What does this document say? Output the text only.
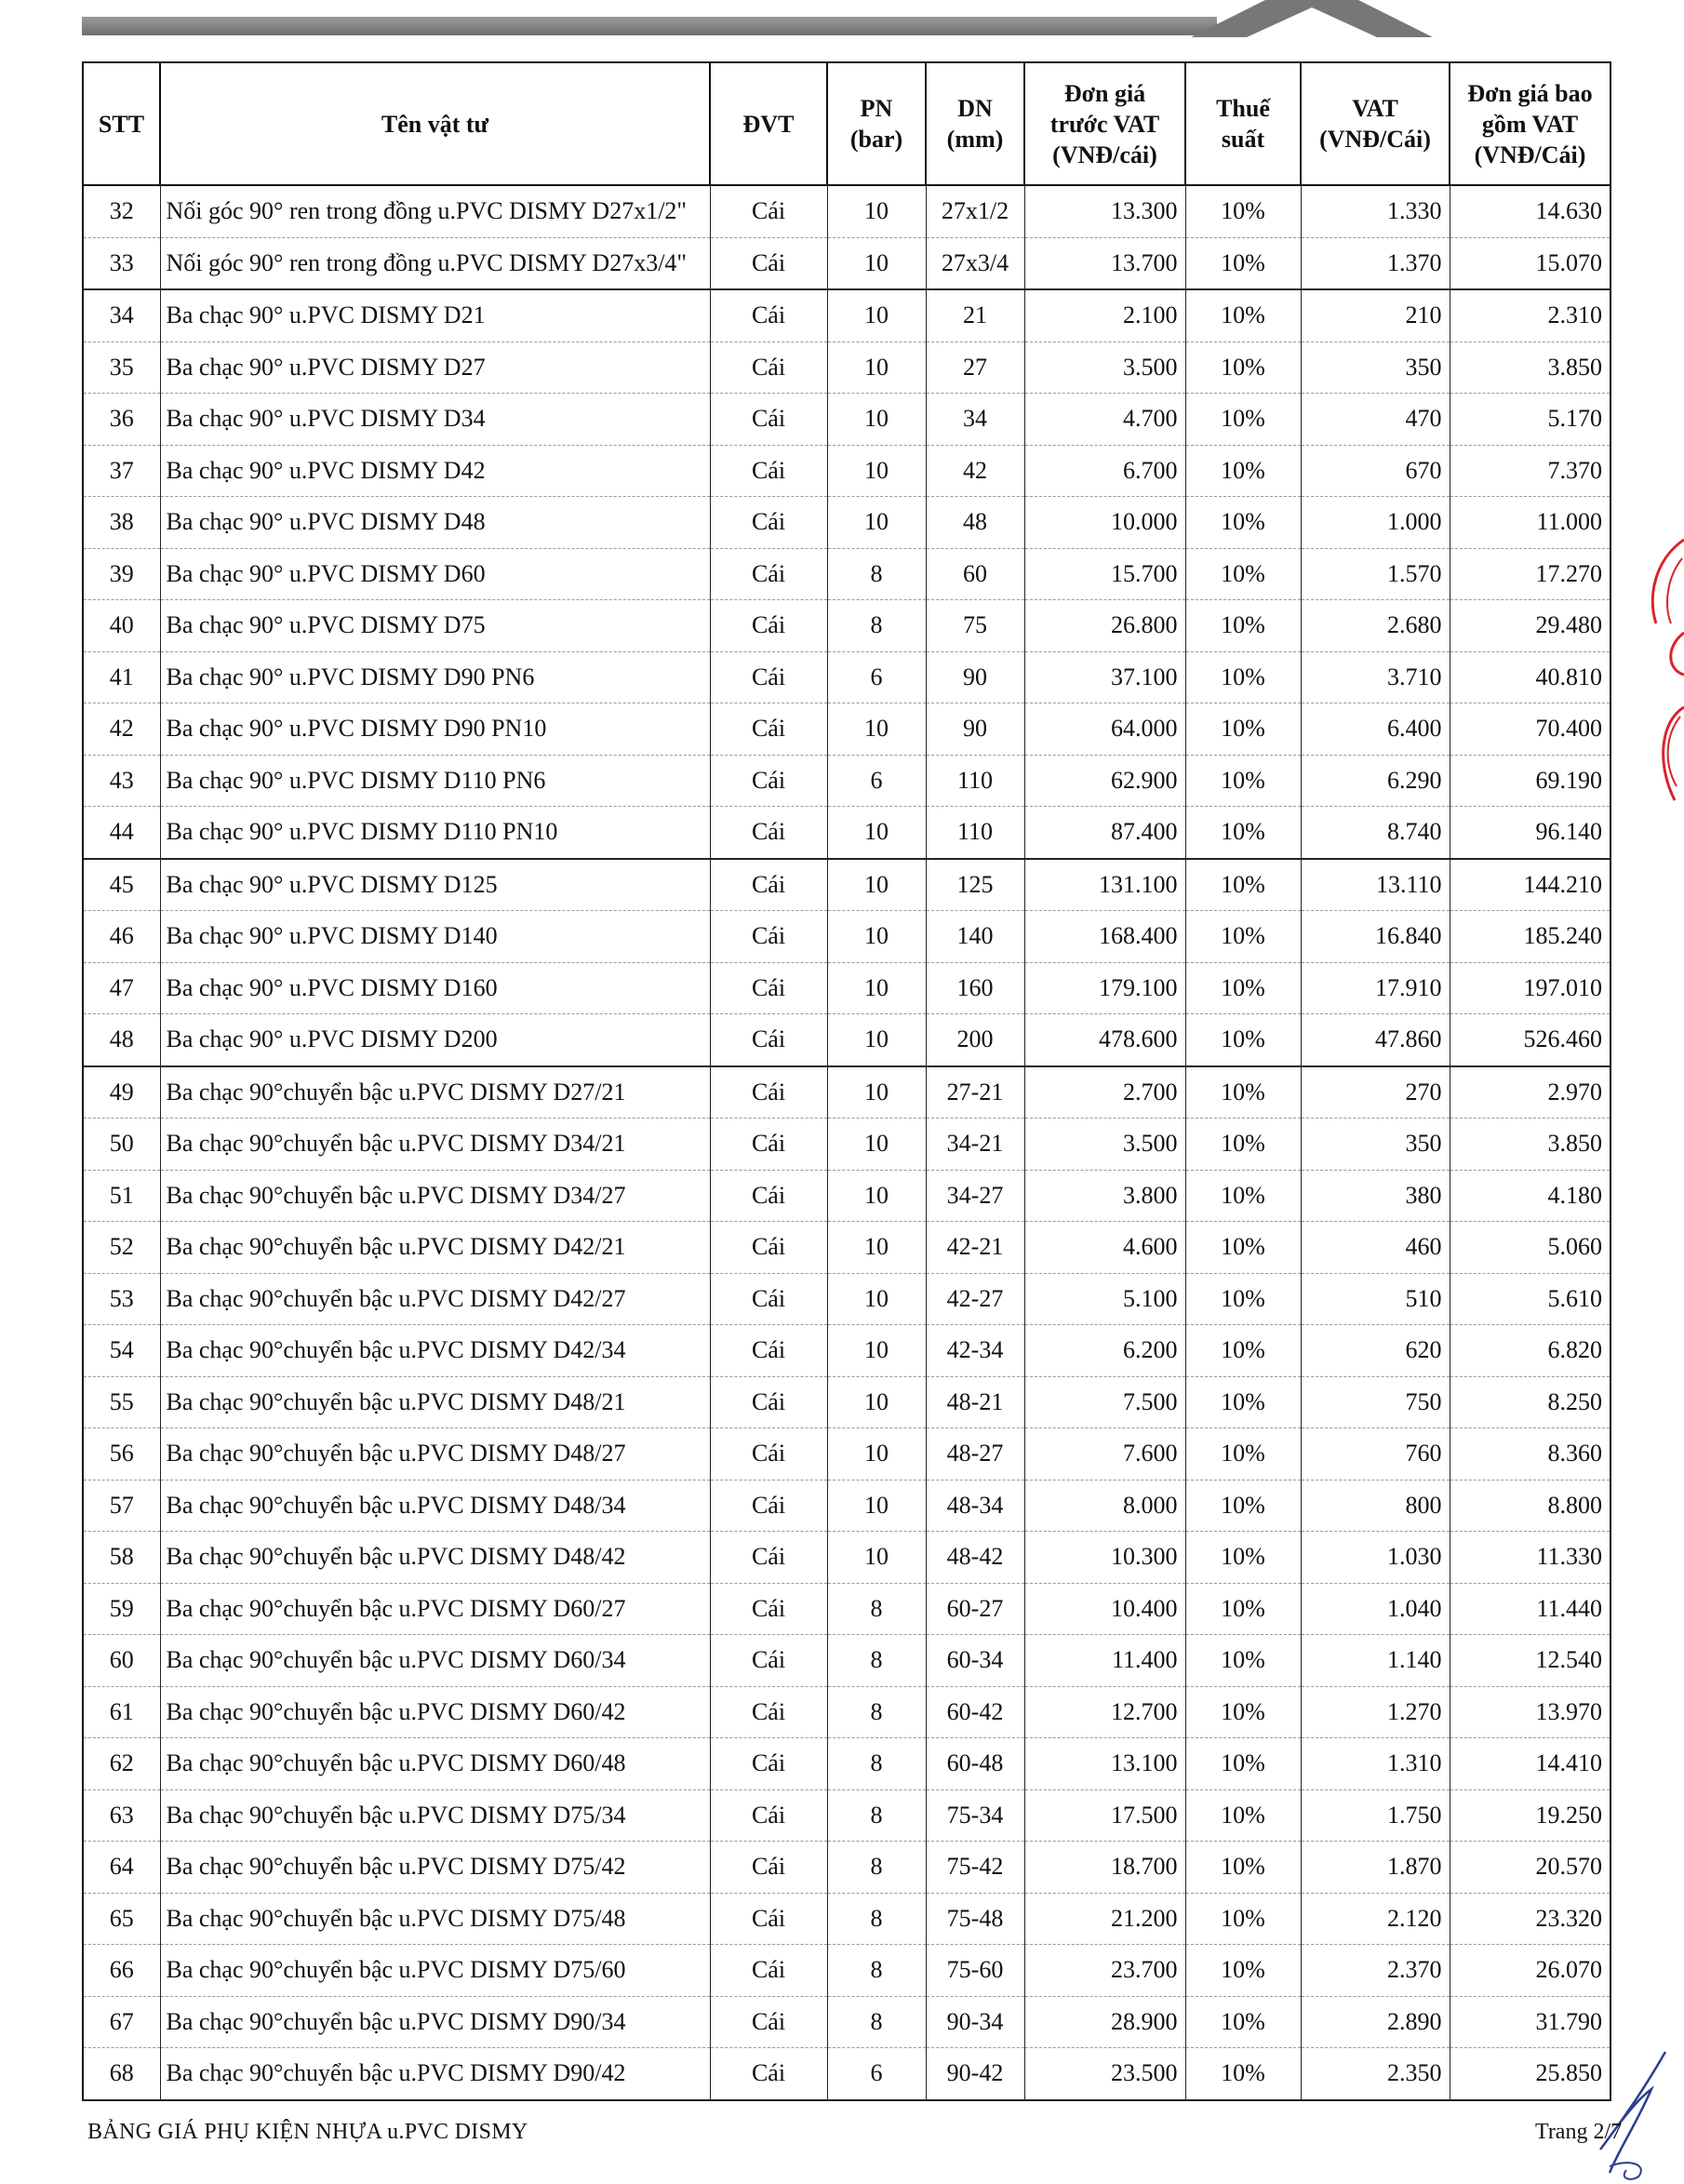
STT	Tên vật tư	ĐVT	PN (bar)	DN (mm)	Đơn giá trước VAT (VNĐ/cái)	Thuế suất	VAT (VNĐ/Cái)	Đơn giá bao gồm VAT (VNĐ/Cái)
32	Nối góc 90° ren trong đồng u.PVC DISMY D27x1/2"	Cái	10	27x1/2	13.300	10%	1.330	14.630
33	Nối góc 90° ren trong đồng u.PVC DISMY D27x3/4"	Cái	10	27x3/4	13.700	10%	1.370	15.070
34	Ba chạc 90° u.PVC DISMY D21	Cái	10	21	2.100	10%	210	2.310
35	Ba chạc 90° u.PVC DISMY D27	Cái	10	27	3.500	10%	350	3.850
36	Ba chạc 90° u.PVC DISMY D34	Cái	10	34	4.700	10%	470	5.170
37	Ba chạc 90° u.PVC DISMY D42	Cái	10	42	6.700	10%	670	7.370
38	Ba chạc 90° u.PVC DISMY D48	Cái	10	48	10.000	10%	1.000	11.000
39	Ba chạc 90° u.PVC DISMY D60	Cái	8	60	15.700	10%	1.570	17.270
40	Ba chạc 90° u.PVC DISMY D75	Cái	8	75	26.800	10%	2.680	29.480
41	Ba chạc 90° u.PVC DISMY D90 PN6	Cái	6	90	37.100	10%	3.710	40.810
42	Ba chạc 90° u.PVC DISMY D90 PN10	Cái	10	90	64.000	10%	6.400	70.400
43	Ba chạc 90° u.PVC DISMY D110 PN6	Cái	6	110	62.900	10%	6.290	69.190
44	Ba chạc 90° u.PVC DISMY D110 PN10	Cái	10	110	87.400	10%	8.740	96.140
45	Ba chạc 90° u.PVC DISMY D125	Cái	10	125	131.100	10%	13.110	144.210
46	Ba chạc 90° u.PVC DISMY D140	Cái	10	140	168.400	10%	16.840	185.240
47	Ba chạc 90° u.PVC DISMY D160	Cái	10	160	179.100	10%	17.910	197.010
48	Ba chạc 90° u.PVC DISMY D200	Cái	10	200	478.600	10%	47.860	526.460
49	Ba chạc 90°chuyển bậc u.PVC DISMY D27/21	Cái	10	27-21	2.700	10%	270	2.970
50	Ba chạc 90°chuyển bậc u.PVC DISMY D34/21	Cái	10	34-21	3.500	10%	350	3.850
51	Ba chạc 90°chuyển bậc u.PVC DISMY D34/27	Cái	10	34-27	3.800	10%	380	4.180
52	Ba chạc 90°chuyển bậc u.PVC DISMY D42/21	Cái	10	42-21	4.600	10%	460	5.060
53	Ba chạc 90°chuyển bậc u.PVC DISMY D42/27	Cái	10	42-27	5.100	10%	510	5.610
54	Ba chạc 90°chuyển bậc u.PVC DISMY D42/34	Cái	10	42-34	6.200	10%	620	6.820
55	Ba chạc 90°chuyển bậc u.PVC DISMY D48/21	Cái	10	48-21	7.500	10%	750	8.250
56	Ba chạc 90°chuyển bậc u.PVC DISMY D48/27	Cái	10	48-27	7.600	10%	760	8.360
57	Ba chạc 90°chuyển bậc u.PVC DISMY D48/34	Cái	10	48-34	8.000	10%	800	8.800
58	Ba chạc 90°chuyển bậc u.PVC DISMY D48/42	Cái	10	48-42	10.300	10%	1.030	11.330
59	Ba chạc 90°chuyển bậc u.PVC DISMY D60/27	Cái	8	60-27	10.400	10%	1.040	11.440
60	Ba chạc 90°chuyển bậc u.PVC DISMY D60/34	Cái	8	60-34	11.400	10%	1.140	12.540
61	Ba chạc 90°chuyển bậc u.PVC DISMY D60/42	Cái	8	60-42	12.700	10%	1.270	13.970
62	Ba chạc 90°chuyển bậc u.PVC DISMY D60/48	Cái	8	60-48	13.100	10%	1.310	14.410
63	Ba chạc 90°chuyển bậc u.PVC DISMY D75/34	Cái	8	75-34	17.500	10%	1.750	19.250
64	Ba chạc 90°chuyển bậc u.PVC DISMY D75/42	Cái	8	75-42	18.700	10%	1.870	20.570
65	Ba chạc 90°chuyển bậc u.PVC DISMY D75/48	Cái	8	75-48	21.200	10%	2.120	23.320
66	Ba chạc 90°chuyển bậc u.PVC DISMY D75/60	Cái	8	75-60	23.700	10%	2.370	26.070
67	Ba chạc 90°chuyển bậc u.PVC DISMY D90/34	Cái	8	90-34	28.900	10%	2.890	31.790
68	Ba chạc 90°chuyển bậc u.PVC DISMY D90/42	Cái	6	90-42	23.500	10%	2.350	25.850
BẢNG GIÁ PHỤ KIỆN NHỰA u.PVC DISMY	Trang 2/7
